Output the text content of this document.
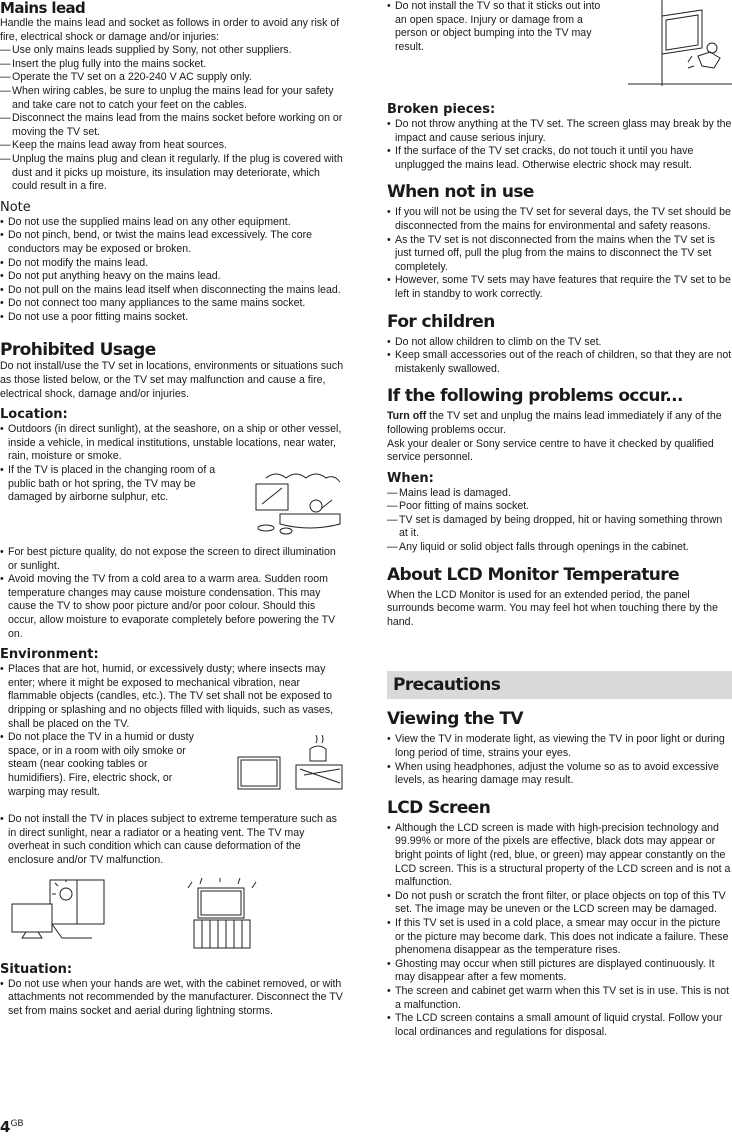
Mains lead

Handle the mains lead and socket as follows in order to avoid any risk of fire, electrical shock or damage and/or injuries:

— Use only mains leads supplied by Sony, not other suppliers.
— Insert the plug fully into the mains socket.
— Operate the TV set on a 220-240 V AC supply only.
— When wiring cables, be sure to unplug the mains lead for your safety and take care not to catch your feet on the cables.
— Disconnect the mains lead from the mains socket before working on or moving the TV set.
— Keep the mains lead away from heat sources.
— Unplug the mains plug and clean it regularly. If the plug is covered with dust and it picks up moisture, its insulation may deteriorate, which could result in a fire.
Note
• Do not use the supplied mains lead on any other equipment.
• Do not pinch, bend, or twist the mains lead excessively. The core conductors may be exposed or broken.
• Do not modify the mains lead.
• Do not put anything heavy on the mains lead.
• Do not pull on the mains lead itself when disconnecting the mains lead.
• Do not connect too many appliances to the same mains socket.
• Do not use a poor fitting mains socket.
Prohibited Usage

Do not install/use the TV set in locations, environments or situations such as those listed below, or the TV set may malfunction and cause a fire, electrical shock, damage and/or injuries.

Location:
• Outdoors (in direct sunlight), at the seashore, on a ship or other vessel, inside a vehicle, in medical institutions, unstable locations, near water, rain, moisture or smoke.
• If the TV is placed in the changing room of a public bath or hot spring, the TV may be damaged by airborne sulphur, etc.
• For best picture quality, do not expose the screen to direct illumination or sunlight.
• Avoid moving the TV from a cold area to a warm area. Sudden room temperature changes may cause moisture condensation. This may cause the TV to show poor picture and/or poor colour. Should this occur, allow moisture to evaporate completely before powering the TV on.
Environment:
• Places that are hot, humid, or excessively dusty; where insects may enter; where it might be exposed to mechanical vibration, near flammable objects (candles, etc.). The TV set shall not be exposed to dripping or splashing and no objects filled with liquids, such as vases, shall be placed on the TV.
• Do not place the TV in a humid or dusty space, or in a room with oily smoke or steam (near cooking tables or humidifiers). Fire, electric shock, or warping may result.
• Do not install the TV in places subject to extreme temperature such as in direct sunlight, near a radiator or a heating vent. The TV may overheat in such condition which can cause deformation of the enclosure and/or TV malfunction.
Situation:
• Do not use when your hands are wet, with the cabinet removed, or with attachments not recommended by the manufacturer. Disconnect the TV set from mains socket and aerial during lightning storms.
• Do not install the TV so that it sticks out into an open space. Injury or damage from a person or object bumping into the TV may result.
Broken pieces:
• Do not throw anything at the TV set. The screen glass may break by the impact and cause serious injury.
• If the surface of the TV set cracks, do not touch it until you have unplugged the mains lead. Otherwise electric shock may result.
When not in use
• If you will not be using the TV set for several days, the TV set should be disconnected from the mains for environmental and safety reasons.
• As the TV set is not disconnected from the mains when the TV set is just turned off, pull the plug from the mains to disconnect the TV set completely.
• However, some TV sets may have features that require the TV set to be left in standby to work correctly.
For children
• Do not allow children to climb on the TV set.
• Keep small accessories out of the reach of children, so that they are not mistakenly swallowed.
If the following problems occur...

Turn off the TV set and unplug the mains lead immediately if any of the following problems occur.

Ask your dealer or Sony service centre to have it checked by qualified service personnel.

When:
— Mains lead is damaged.
— Poor fitting of mains socket.
— TV set is damaged by being dropped, hit or having something thrown at it.
— Any liquid or solid object falls through openings in the cabinet.
About LCD Monitor Temperature

When the LCD Monitor is used for an extended period, the panel surrounds become warm. You may feel hot when touching there by the hand.

Precautions
Viewing the TV
• View the TV in moderate light, as viewing the TV in poor light or during long period of time, strains your eyes.
• When using headphones, adjust the volume so as to avoid excessive levels, as hearing damage may result.
LCD Screen
• Although the LCD screen is made with high-precision technology and 99.99% or more of the pixels are effective, black dots may appear or bright points of light (red, blue, or green) may appear constantly on the LCD screen. This is a structural property of the LCD screen and is not a malfunction.
• Do not push or scratch the front filter, or place objects on top of this TV set. The image may be uneven or the LCD screen may be damaged.
• If this TV set is used in a cold place, a smear may occur in the picture or the picture may become dark. This does not indicate a failure. These phenomena disappear as the temperature rises.
• Ghosting may occur when still pictures are displayed continuously. It may disappear after a few moments.
• The screen and cabinet get warm when this TV set is in use. This is not a malfunction.
• The LCD screen contains a small amount of liquid crystal. Follow your local ordinances and regulations for disposal.
$4^{GB}$
